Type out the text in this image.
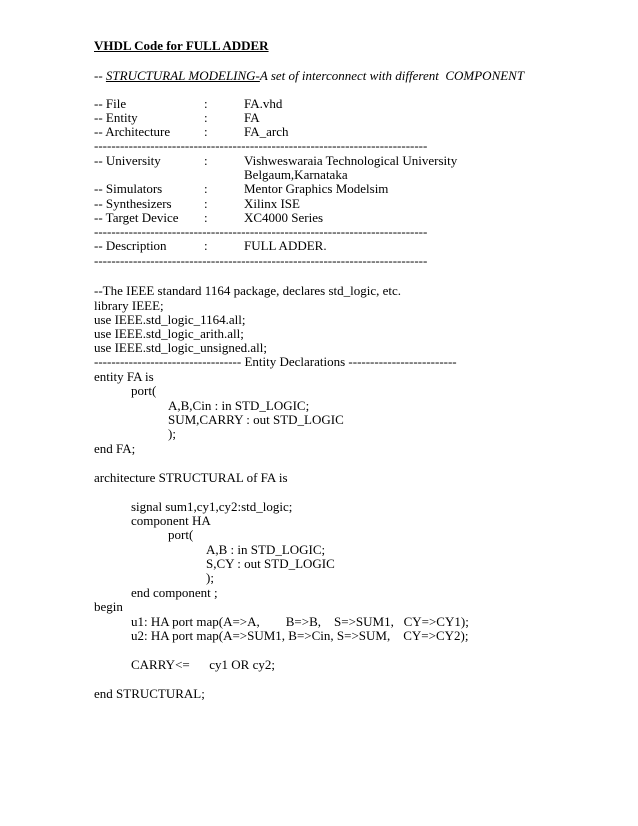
VHDL Code for FULL ADDER
-- STRUCTURAL MODELING-A set of interconnect with different  COMPONENT
-- File	:	FA.vhd
-- Entity	:	FA
-- Architecture	:	FA_arch
-----------------------------------------------------------------------------
-- University	:	Vishweswaraia Technological University
Belgaum,Karnataka
-- Simulators	:	Mentor Graphics Modelsim
-- Synthesizers :	Xilinx ISE
-- Target Device :	XC4000 Series
-----------------------------------------------------------------------------
-- Description	:	FULL ADDER.
-----------------------------------------------------------------------------
--The IEEE standard 1164 package, declares std_logic, etc.
library IEEE;
use IEEE.std_logic_1164.all;
use IEEE.std_logic_arith.all;
use IEEE.std_logic_unsigned.all;
---------------------------------- Entity Declarations -------------------------
entity FA is
port(
A,B,Cin : in STD_LOGIC;
SUM,CARRY : out STD_LOGIC
);
end FA;
architecture STRUCTURAL of FA is
signal sum1,cy1,cy2:std_logic;
component HA
port(
A,B : in STD_LOGIC;
S,CY : out STD_LOGIC
);
end component ;
begin
u1: HA port map(A=>A,        B=>B,    S=>SUM1,   CY=>CY1);
u2: HA port map(A=>SUM1, B=>Cin, S=>SUM,    CY=>CY2);
CARRY<=      cy1 OR cy2;
end STRUCTURAL;
